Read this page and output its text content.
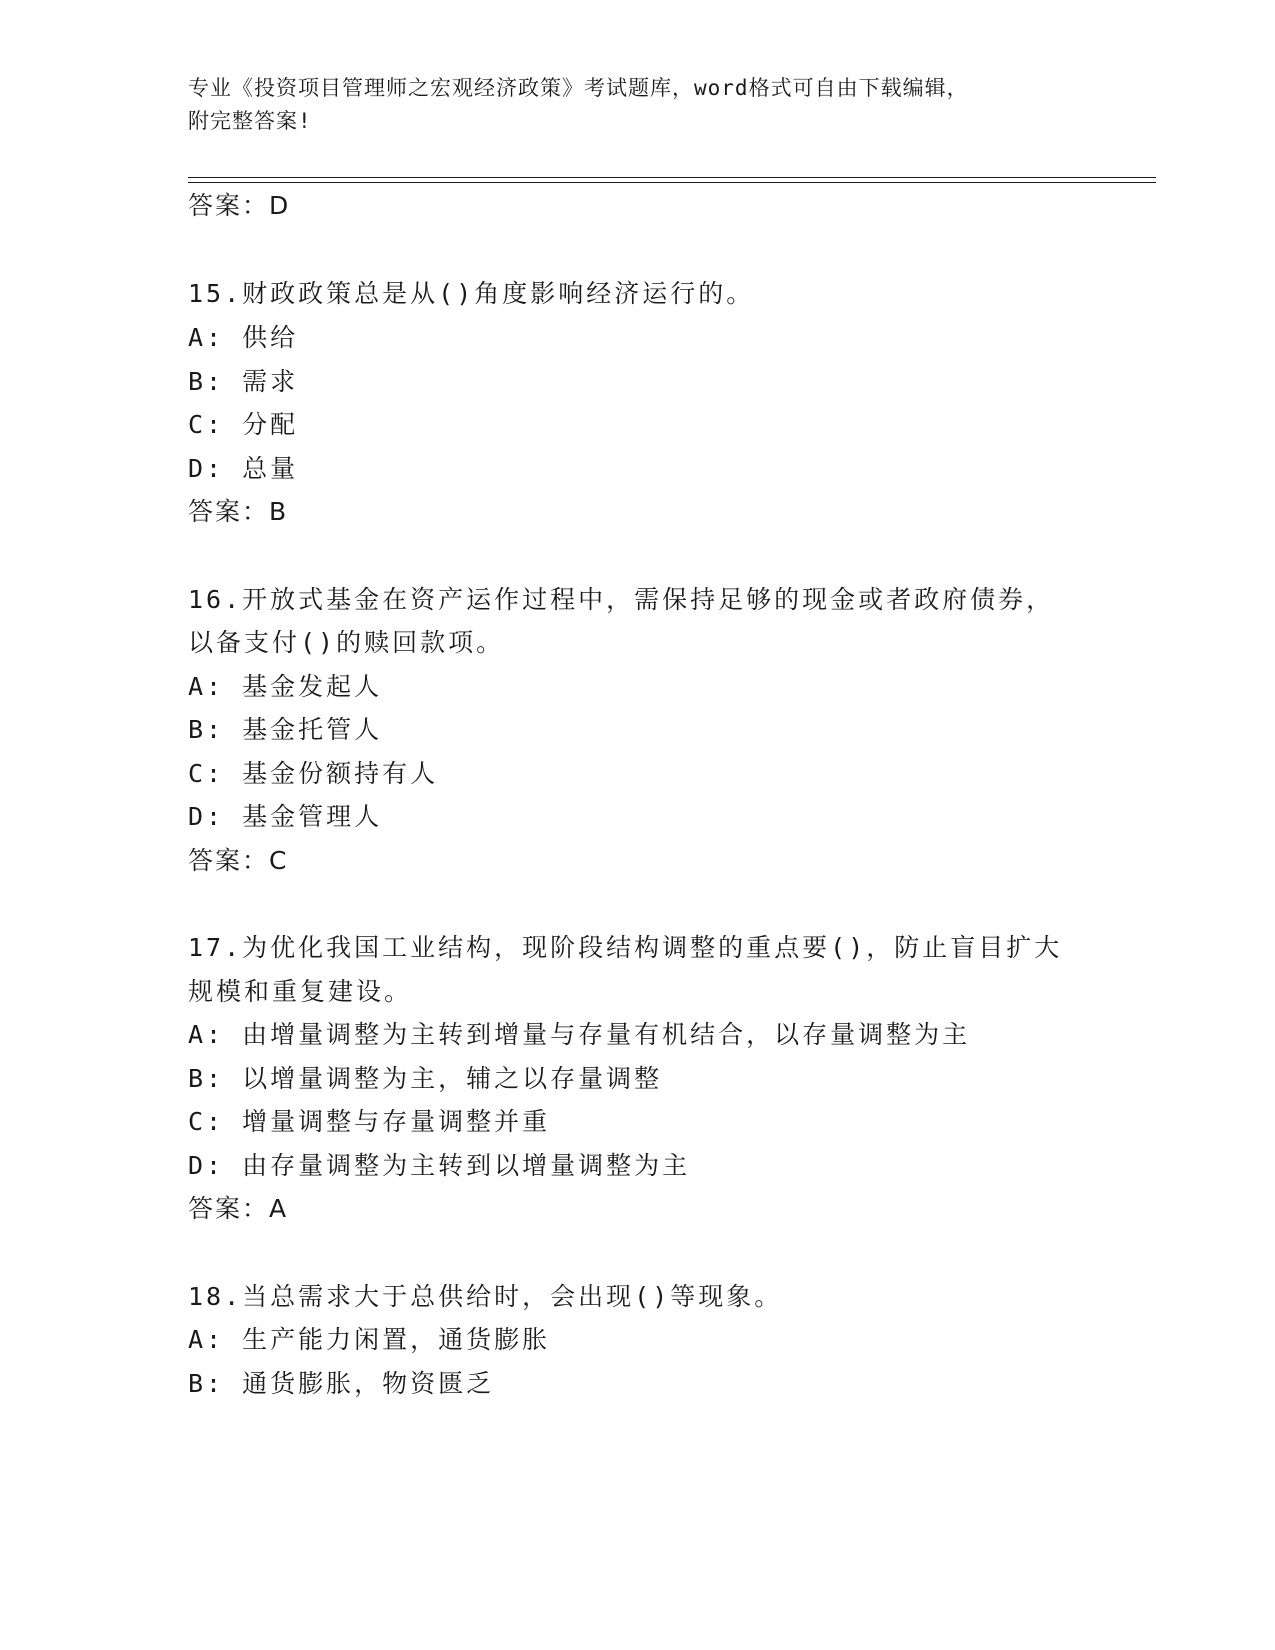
专业《投资项目管理师之宏观经济政策》考试题库，word格式可自由下载编辑，
附完整答案!
答案：D
15.财政政策总是从()角度影响经济运行的。
A: 供给
B: 需求
C: 分配
D: 总量
答案：B
16.开放式基金在资产运作过程中，需保持足够的现金或者政府债券，
以备支付()的赎回款项。
A: 基金发起人
B: 基金托管人
C: 基金份额持有人
D: 基金管理人
答案：C
17.为优化我国工业结构，现阶段结构调整的重点要()，防止盲目扩大
规模和重复建设。
A: 由增量调整为主转到增量与存量有机结合，以存量调整为主
B: 以增量调整为主，辅之以存量调整
C: 增量调整与存量调整并重
D: 由存量调整为主转到以增量调整为主
答案：A
18.当总需求大于总供给时，会出现()等现象。
A: 生产能力闲置，通货膨胀
B: 通货膨胀，物资匮乏
